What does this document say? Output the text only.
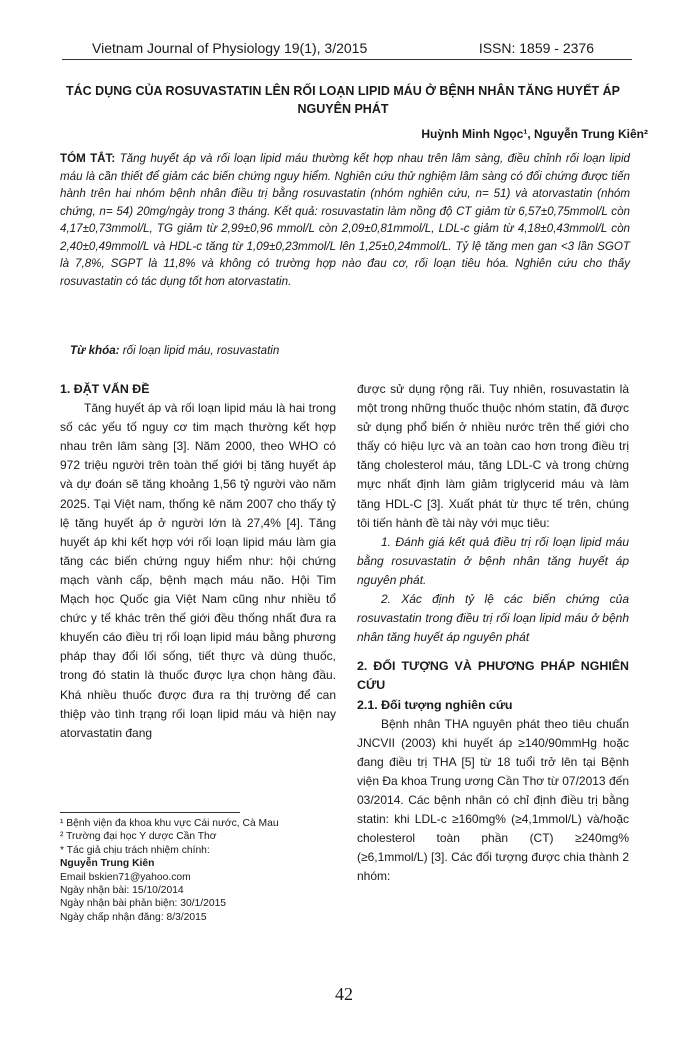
Vietnam Journal of Physiology 19(1), 3/2015	ISSN: 1859 - 2376
TÁC DỤNG CỦA ROSUVASTATIN LÊN RỐI LOẠN LIPID MÁU Ở BỆNH NHÂN TĂNG HUYẾT ÁP NGUYÊN PHÁT
Huỳnh Minh Ngọc¹, Nguyễn Trung Kiên²
TÓM TẮT: Tăng huyết áp và rối loạn lipid máu thường kết hợp nhau trên lâm sàng, điều chỉnh rối loạn lipid máu là cần thiết để giảm các biến chứng nguy hiểm. Nghiên cứu thử nghiệm lâm sàng có đối chứng được tiến hành trên hai nhóm bệnh nhân điều trị bằng rosuvastatin (nhóm nghiên cứu, n= 51) và atorvastatin (nhóm chứng, n= 54) 20mg/ngày trong 3 tháng. Kết quả: rosuvastatin làm nồng độ CT giảm từ 6,57±0,75mmol/L còn 4,17±0,73mmol/L, TG giảm từ 2,99±0,96 mmol/L còn 2,09±0,81mmol/L, LDL-c giảm từ 4,18±0,43mmol/L còn 2,40±0,49mmol/L và HDL-c tăng từ 1,09±0,23mmol/L lên 1,25±0,24mmol/L. Tỷ lệ tăng men gan <3 lần SGOT là 7,8%, SGPT là 11,8% và không có trường hợp nào đau cơ, rối loạn tiêu hóa. Nghiên cứu cho thấy rosuvastatin có tác dụng tốt hơn atorvastatin.
Từ khóa: rối loạn lipid máu, rosuvastatin

1. ĐẶT VẤN ĐỀ

Tăng huyết áp và rối loạn lipid máu là hai trong số các yếu tố nguy cơ tim mạch thường kết hợp nhau trên lâm sàng [3]. Năm 2000, theo WHO có 972 triệu người trên toàn thế giới bị tăng huyết áp và dự đoán sẽ tăng khoảng 1,56 tỷ người vào năm 2025. Tại Việt nam, thống kê năm 2007 cho thấy tỷ lệ tăng huyết áp ở người lớn là 27,4% [4]. Tăng huyết áp khi kết hợp với rối loạn lipid máu làm gia tăng các biến chứng nguy hiểm như: hội chứng mạch vành cấp, bệnh mạch máu não. Hội Tim Mạch học Quốc gia Việt Nam cũng như nhiều tổ chức y tế khác trên thế giới đều thống nhất đưa ra khuyến cáo điều trị rối loạn lipid máu bằng phương pháp thay đổi lối sống, tiết thực và dùng thuốc, trong đó statin là thuốc được lựa chọn hàng đầu. Khá nhiều thuốc được đưa ra thị trường để can thiệp vào tình trạng rối loạn lipid máu và hiện nay atorvastatin đang

được sử dụng rộng rãi. Tuy nhiên, rosuvastatin là một trong những thuốc thuộc nhóm statin, đã được sử dụng phổ biến ở nhiều nước trên thế giới cho thấy có hiệu lực và an toàn cao hơn trong điều trị tăng cholesterol máu, tăng LDL-C và trong chừng mực nhất định làm giảm triglycerid máu và làm tăng HDL-C [3]. Xuất phát từ thực tế trên, chúng tôi tiến hành đề tài này với mục tiêu:

1. Đánh giá kết quả điều trị rối loạn lipid máu bằng rosuvastatin ở bệnh nhân tăng huyết áp nguyên phát.

2. Xác định tỷ lệ các biến chứng của rosuvastatin trong điều trị rối loạn lipid máu ở bệnh nhân tăng huyết áp nguyên phát

2. ĐỐI TƯỢNG VÀ PHƯƠNG PHÁP NGHIÊN CỨU

2.1. Đối tượng nghiên cứu

Bệnh nhân THA nguyên phát theo tiêu chuẩn JNCVII (2003) khi huyết áp ≥140/90mmHg hoặc đang điều trị THA [5] từ 18 tuổi trở lên tại Bệnh viện Đa khoa Trung ương Cần Thơ từ 07/2013 đến 03/2014. Các bệnh nhân có chỉ định điều trị bằng statin: khi LDL-c ≥160mg% (≥4,1mmol/L) và/hoặc cholesterol toàn phần (CT) ≥240mg% (≥6,1mmol/L) [3]. Các đối tượng được chia thành 2 nhóm:

¹ Bệnh viện đa khoa khu vực Cái nước, Cà Mau
² Trường đại học Y dược Cần Thơ
* Tác giả chịu trách nhiệm chính:
Nguyễn Trung Kiên
Email bskien71@yahoo.com
Ngày nhận bài: 15/10/2014
Ngày nhận bài phản biện: 30/1/2015
Ngày chấp nhận đăng: 8/3/2015
42
